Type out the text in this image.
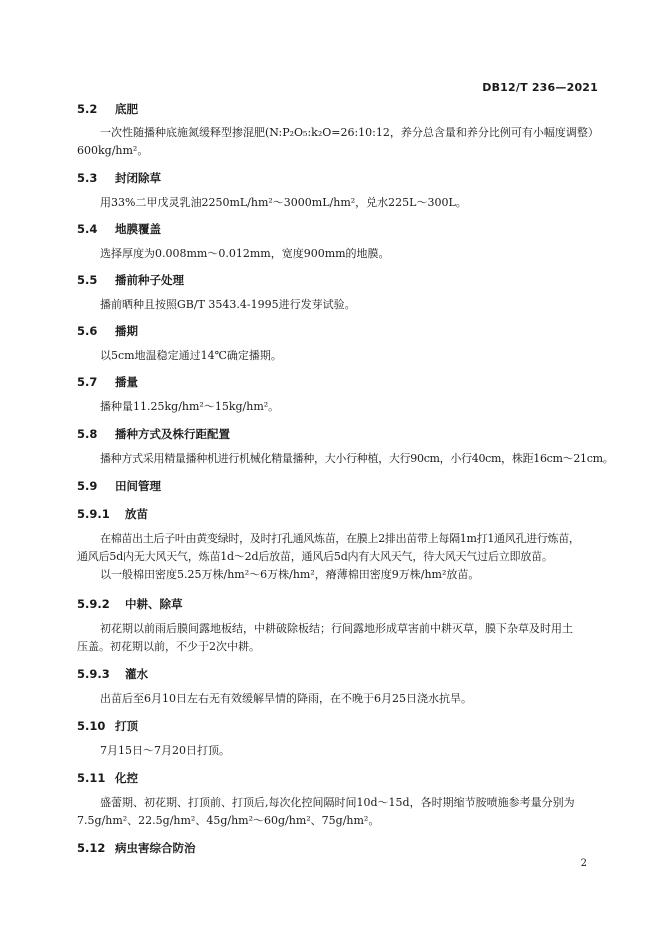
DB12/T 236—2021
5.2 底肥
一次性随播种底施氮缓释型掺混肥(N:P₂O₅:k₂O=26:10:12，养分总含量和养分比例可有小幅度调整）
600kg/hm²。
5.3 封闭除草
用33%二甲戊灵乳油2250mL/hm²～3000mL/hm²，兑水225L～300L。
5.4 地膜覆盖
选择厚度为0.008mm～0.012mm，宽度900mm的地膜。
5.5 播前种子处理
播前晒种且按照GB/T 3543.4-1995进行发芽试验。
5.6 播期
以5cm地温稳定通过14℃确定播期。
5.7 播量
播种量11.25kg/hm²～15kg/hm²。
5.8 播种方式及株行距配置
播种方式采用精量播种机进行机械化精量播种，大小行种植，大行90cm，小行40cm，株距16cm～21cm。
5.9 田间管理
5.9.1 放苗
在棉苗出土后子叶由黄变绿时，及时打孔通风炼苗，在膜上2排出苗带上每隔1m打1通风孔进行炼苗，
通风后5d内无大风天气，炼苗1d～2d后放苗，通风后5d内有大风天气，待大风天气过后立即放苗。
以一般棉田密度5.25万株/hm²～6万株/hm²，瘠薄棉田密度9万株/hm²放苗。
5.9.2 中耕、除草
初花期以前雨后膜间露地板结，中耕破除板结；行间露地形成草害前中耕灭草，膜下杂草及时用土
压盖。初花期以前，不少于2次中耕。
5.9.3 灌水
出苗后至6月10日左右无有效缓解旱情的降雨，在不晚于6月25日浇水抗旱。
5.10 打顶
7月15日～7月20日打顶。
5.11 化控
盛蕾期、初花期、打顶前、打顶后,每次化控间隔时间10d～15d，各时期缩节胺喷施参考量分别为
7.5g/hm²、22.5g/hm²、45g/hm²～60g/hm²、75g/hm²。
5.12 病虫害综合防治
2
